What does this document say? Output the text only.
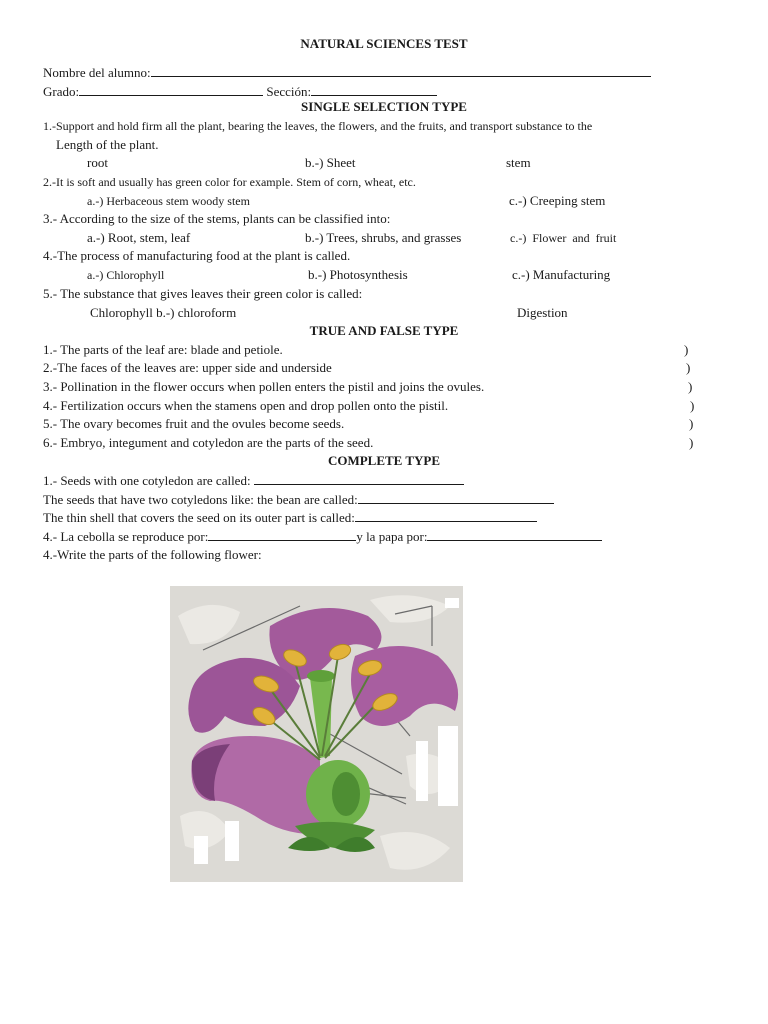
NATURAL SCIENCES TEST
Nombre del alumno:
Grado:	Sección:
SINGLE SELECTION TYPE
1.-Support and hold firm all the plant, bearing the leaves, the flowers, and the fruits, and transport substance to the
Length of the plant.
root	b.-) Sheet	stem
2.-It is soft and usually has green color for example. Stem of corn, wheat, etc.
a.-) Herbaceous stem woody stem	c.-) Creeping stem
3.- According to the size of the stems, plants can be classified into:
a.-) Root, stem, leaf	b.-) Trees, shrubs, and grasses	c.-) Flower and fruit
4.-The process of manufacturing food at the plant is called.
a.-) Chlorophyll	b.-) Photosynthesis	c.-) Manufacturing
5.- The substance that gives leaves their green color is called:
Chlorophyll b.-) chloroform	Digestion
TRUE AND FALSE TYPE
1.- The parts of the leaf are: blade and petiole.	)
2.-The faces of the leaves are: upper side and underside	)
3.- Pollination in the flower occurs when pollen enters the pistil and joins the ovules.	)
4.- Fertilization occurs when the stamens open and drop pollen onto the pistil.	)
5.- The ovary becomes fruit and the ovules become seeds.	)
6.- Embryo, integument and cotyledon are the parts of the seed.	)
COMPLETE TYPE
1.- Seeds with one cotyledon are called:
The seeds that have two cotyledons like: the bean are called:
The thin shell that covers the seed on its outer part is called:
4.- La cebolla se reproduce por:	y la papa por:
4.-Write the parts of the following flower:
